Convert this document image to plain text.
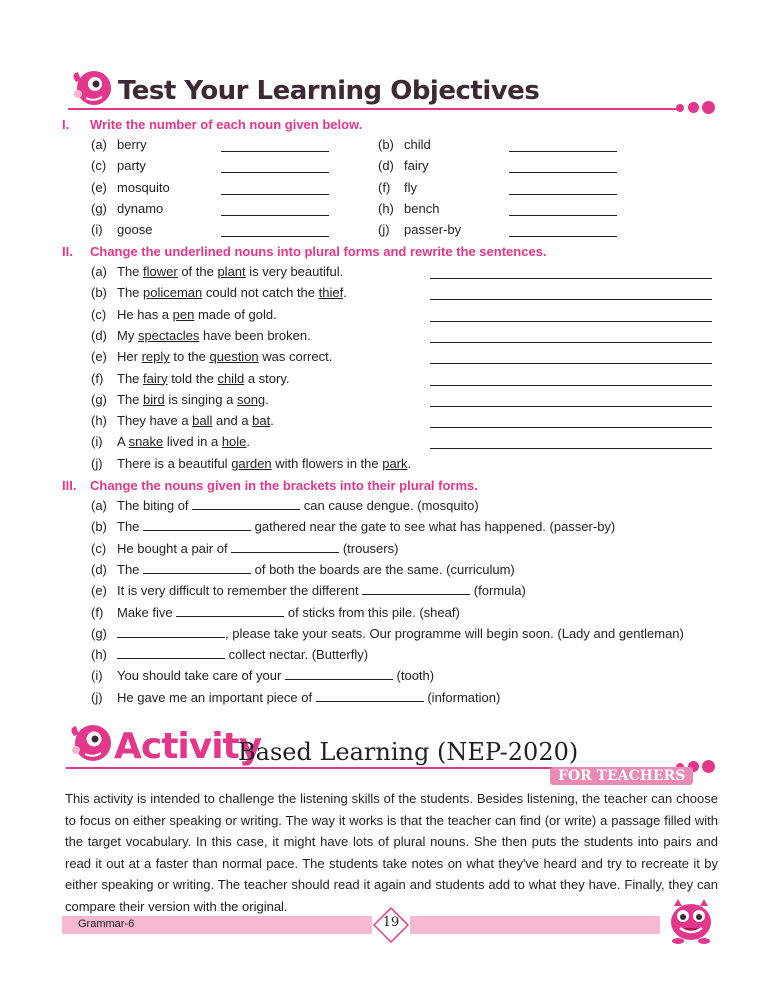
Test Your Learning Objectives
I. Write the number of each noun given below.
(a) berry	(b) child
(c) party	(d) fairy
(e) mosquito	(f) fly
(g) dynamo	(h) bench
(i) goose	(j) passer-by
II. Change the underlined nouns into plural forms and rewrite the sentences.
(a) The flower of the plant is very beautiful.
(b) The policeman could not catch the thief.
(c) He has a pen made of gold.
(d) My spectacles have been broken.
(e) Her reply to the question was correct.
(f) The fairy told the child a story.
(g) The bird is singing a song.
(h) They have a ball and a bat.
(i) A snake lived in a hole.
(j) There is a beautiful garden with flowers in the park.
III. Change the nouns given in the brackets into their plural forms.
(a) The biting of	can cause dengue. (mosquito)
(b) The	gathered near the gate to see what has happened. (passer-by)
(c) He bought a pair of	(trousers)
(d) The	of both the boards are the same. (curriculum)
(e) It is very difficult to remember the different	(formula)
(f) Make five	of sticks from this pile. (sheaf)
(g)	, please take your seats. Our programme will begin soon. (Lady and gentleman)
(h)	collect nectar. (Butterfly)
(i) You should take care of your	(tooth)
(j) He gave me an important piece of	(information)
Activity
Based Learning (NEP-2020)
FOR TEACHERS
This activity is intended to challenge the listening skills of the students. Besides listening, the teacher can choose to focus on either speaking or writing. The way it works is that the teacher can find (or write) a passage filled with the target vocabulary. In this case, it might have lots of plural nouns. She then puts the students into pairs and read it out at a faster than normal pace. The students take notes on what they've heard and try to recreate it by either speaking or writing. The teacher should read it again and students add to what they have. Finally, they can compare their version with the original.
Grammar-6	19
